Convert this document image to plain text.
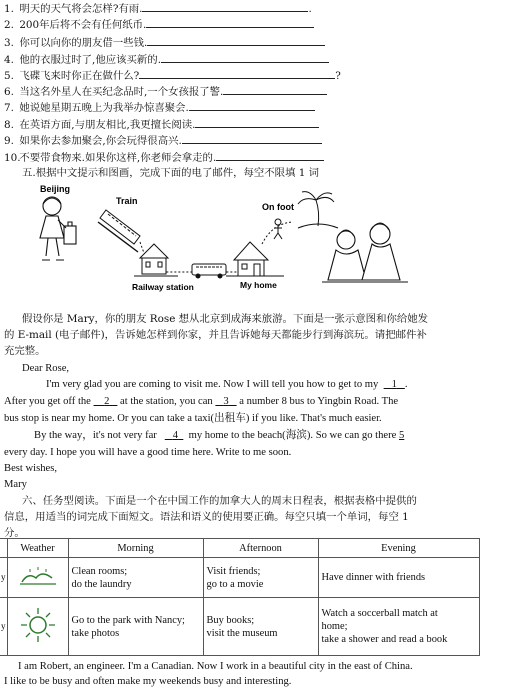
1. 明天的天气将会怎样?有雨.	.
2. 200年后将不会有任何纸币.
3. 你可以向你的朋友借一些钱.
4. 他的衣服过时了,他应该买新的.
5. 飞碟飞来时你正在做什么?	?
6. 当这名外星人在买纪念品时,一个女孩报了警.
7. 她说她星期五晚上为我举办惊喜聚会.
8. 在英语方面,与朋友相比,我更擅长阅读.
9. 如果你去参加聚会,你会玩得很高兴.
10. 不要带食物来.如果你这样,你老师会拿走的.
五.根据中文提示和图画，完成下面的电了邮件，每空不限填 1 词
Beijing
Train
Railway station	My home
On foot
假设你是 Mary，你的朋友 Rose 想从北京到成海来旅游。下面是一张示意图和你给她发
的 E-mail (电子邮件)，告诉她怎样到你家，并且告诉她每天都能步行到海滨玩。请把邮件补
充完整。
Dear Rose,
I'm very glad you are coming to visit me. Now I will tell you how to get to my 1 .
After you get off the 2 at the station, you can 3 a number 8 bus to Yingbin Road. The
bus stop is near my home. Or you can take a taxi(出租车) if you like. That's much easier.
By the way，it's not very far 4 my home to the beach(海滨). So we can go there 5
every day. I hope you will have a good time here. Write to me soon.
Best wishes,
Mary
六、任务型阅读。下面是一个在中国工作的加拿大人的周末日程表，根据表格中提供的
信息，用适当的词完成下面短文。语法和语义的使用要正确。每空只填一个单词，每空 1
分。
	Weather	Morning	Afternoon	Evening
y		Clean rooms;
do the laundry	Visit friends;
go to a movie	Have dinner with friends
y		Go to the park with Nancy;
take photos	Buy books;
visit the museum	Watch a soccerball match at
home;
take a shower and read a book
I am Robert, an engineer. I'm a Canadian. Now I work in a beautiful city in the east of China.
I like to be busy and often make my weekends busy and interesting.
